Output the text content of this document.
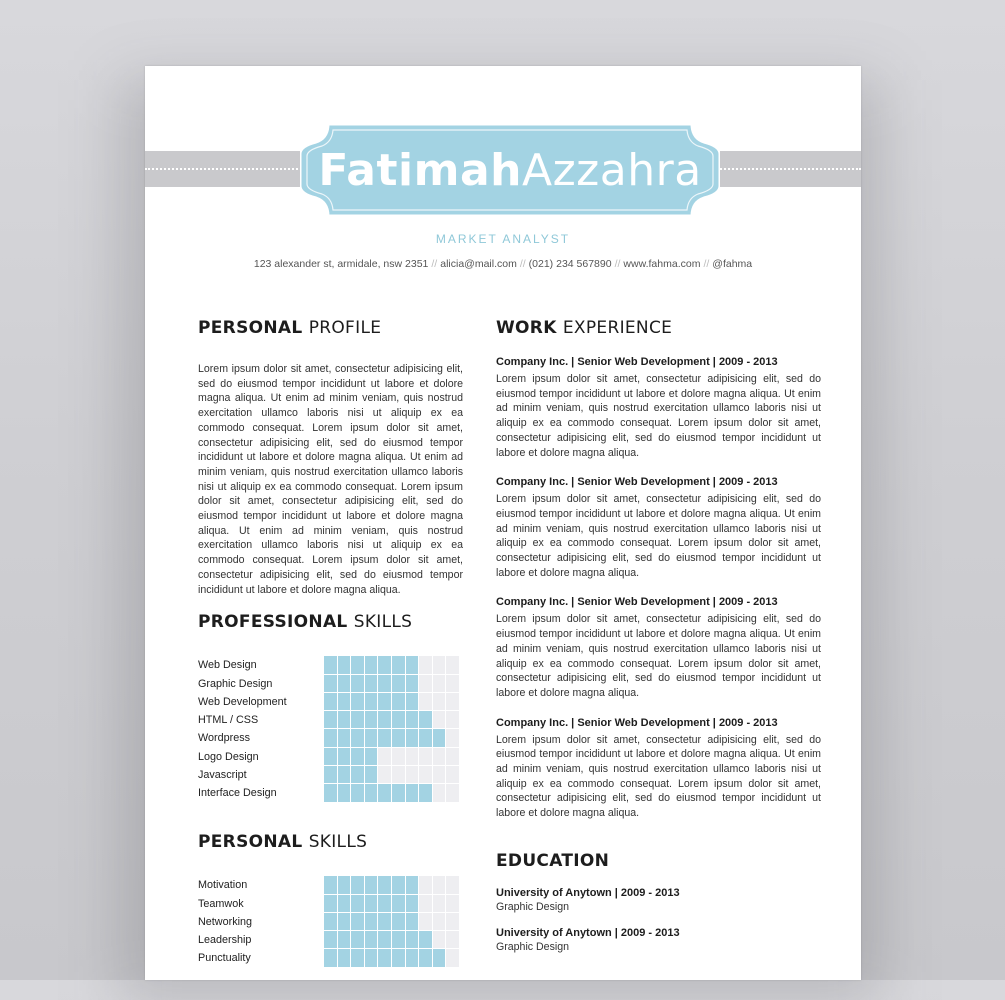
Fatimah Azzahra
MARKET ANALYST
123 alexander st, armidale, nsw 2351 // alicia@mail.com // (021) 234 567890 // www.fahma.com // @fahma
PERSONAL PROFILE

Lorem ipsum dolor sit amet, consectetur adipisicing elit, sed do eiusmod tempor incididunt ut labore et dolore magna aliqua. Ut enim ad minim veniam, quis nostrud exercitation ullamco laboris nisi ut aliquip ex ea commodo consequat. Lorem ipsum dolor sit amet, consectetur adipisicing elit, sed do eiusmod tempor incididunt ut labore et dolore magna aliqua. Ut enim ad minim veniam, quis nostrud exercitation ullamco laboris nisi ut aliquip ex ea commodo consequat. Lorem ipsum dolor sit amet, consectetur adipisicing elit, sed do eiusmod tempor incididunt ut labore et dolore magna aliqua. Ut enim ad minim veniam, quis nostrud exercitation ullamco laboris nisi ut aliquip ex ea commodo consequat. Lorem ipsum dolor sit amet, consectetur adipisicing elit, sed do eiusmod tempor incididunt ut labore et dolore magna aliqua.

PROFESSIONAL SKILLS
Web Design
Graphic Design
Web Development
HTML / CSS
Wordpress
Logo Design
Javascript
Interface Design
PERSONAL SKILLS
Motivation
Teamwok
Networking
Leadership
Punctuality
WORK EXPERIENCE
Company Inc. | Senior Web Development | 2009 - 2013

Lorem ipsum dolor sit amet, consectetur adipisicing elit, sed do eiusmod tempor incididunt ut labore et dolore magna aliqua. Ut enim ad minim veniam, quis nostrud exercitation ullamco laboris nisi ut aliquip ex ea commodo consequat. Lorem ipsum dolor sit amet, consectetur adipisicing elit, sed do eiusmod tempor incididunt ut labore et dolore magna aliqua.

Company Inc. | Senior Web Development | 2009 - 2013

Lorem ipsum dolor sit amet, consectetur adipisicing elit, sed do eiusmod tempor incididunt ut labore et dolore magna aliqua. Ut enim ad minim veniam, quis nostrud exercitation ullamco laboris nisi ut aliquip ex ea commodo consequat. Lorem ipsum dolor sit amet, consectetur adipisicing elit, sed do eiusmod tempor incididunt ut labore et dolore magna aliqua.

Company Inc. | Senior Web Development | 2009 - 2013

Lorem ipsum dolor sit amet, consectetur adipisicing elit, sed do eiusmod tempor incididunt ut labore et dolore magna aliqua. Ut enim ad minim veniam, quis nostrud exercitation ullamco laboris nisi ut aliquip ex ea commodo consequat. Lorem ipsum dolor sit amet, consectetur adipisicing elit, sed do eiusmod tempor incididunt ut labore et dolore magna aliqua.

Company Inc. | Senior Web Development | 2009 - 2013

Lorem ipsum dolor sit amet, consectetur adipisicing elit, sed do eiusmod tempor incididunt ut labore et dolore magna aliqua. Ut enim ad minim veniam, quis nostrud exercitation ullamco laboris nisi ut aliquip ex ea commodo consequat. Lorem ipsum dolor sit amet, consectetur adipisicing elit, sed do eiusmod tempor incididunt ut labore et dolore magna aliqua.

EDUCATION
University of Anytown | 2009 - 2013
Graphic Design
University of Anytown | 2009 - 2013
Graphic Design
